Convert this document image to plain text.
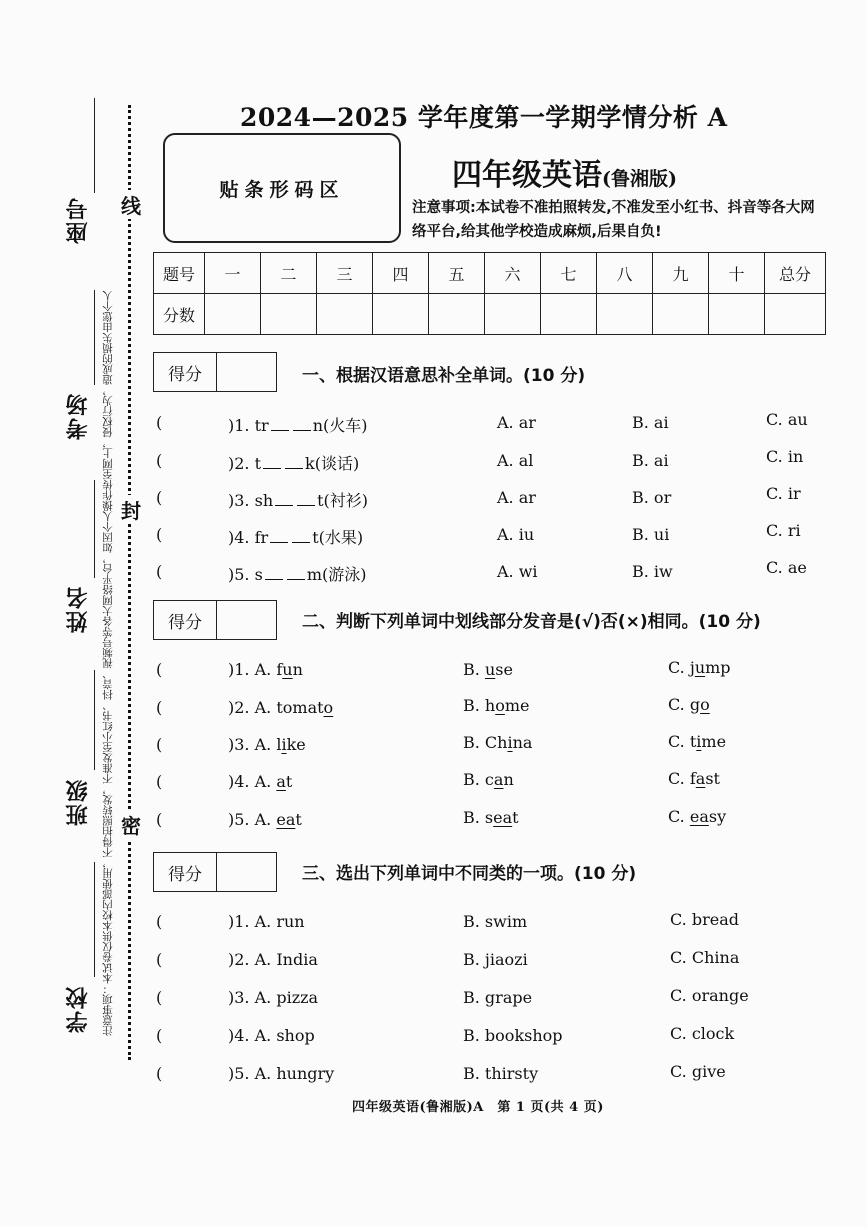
座号
考场
姓名
班级
学校 注意事项：本试卷仅供本校内部使用，不得拍照转发，不准发至小红书、抖音、视频号等各大网络平台，如因个人操作传至网上，侵权行为，造成的损失由您个人
线
封
密
2024—2025 学年度第一学期学情分析 A
贴条形码区	四年级英语(鲁湘版)
注意事项:本试卷不准拍照转发,不准发至小红书、抖音等各大网络平台,给其他学校造成麻烦,后果自负!
题号	一	二	三	四	五	六	七	八	九	十	总分
分数											
得分	一、根据汉语意思补全单词。(10 分)
(	)1. tr	n(火车)	A. ar	B. ai	C. au
(	)2. t	k(谈话)	A. al	B. ai	C. in
(	)3. sh	t(衬衫)	A. ar	B. or	C. ir
(	)4. fr	t(水果)	A. iu	B. ui	C. ri
(	)5. s	m(游泳)	A. wi	B. iw	C. ae
得分	二、判断下列单词中划线部分发音是(√)否(×)相同。(10 分)
(	)1. A. fun	B. use	C. jump
(	)2. A. tomato	B. home	C. go
(	)3. A. like	B. China	C. time
(	)4. A. at	B. can	C. fast
(	)5. A. eat	B. seat	C. easy
得分	三、选出下列单词中不同类的一项。(10 分)
(	)1. A. run	B. swim	C. bread
(	)2. A. India	B. jiaozi	C. China
(	)3. A. pizza	B. grape	C. orange
(	)4. A. shop	B. bookshop	C. clock
(	)5. A. hungry	B. thirsty	C. give
四年级英语(鲁湘版)A　第 1 页(共 4 页)
